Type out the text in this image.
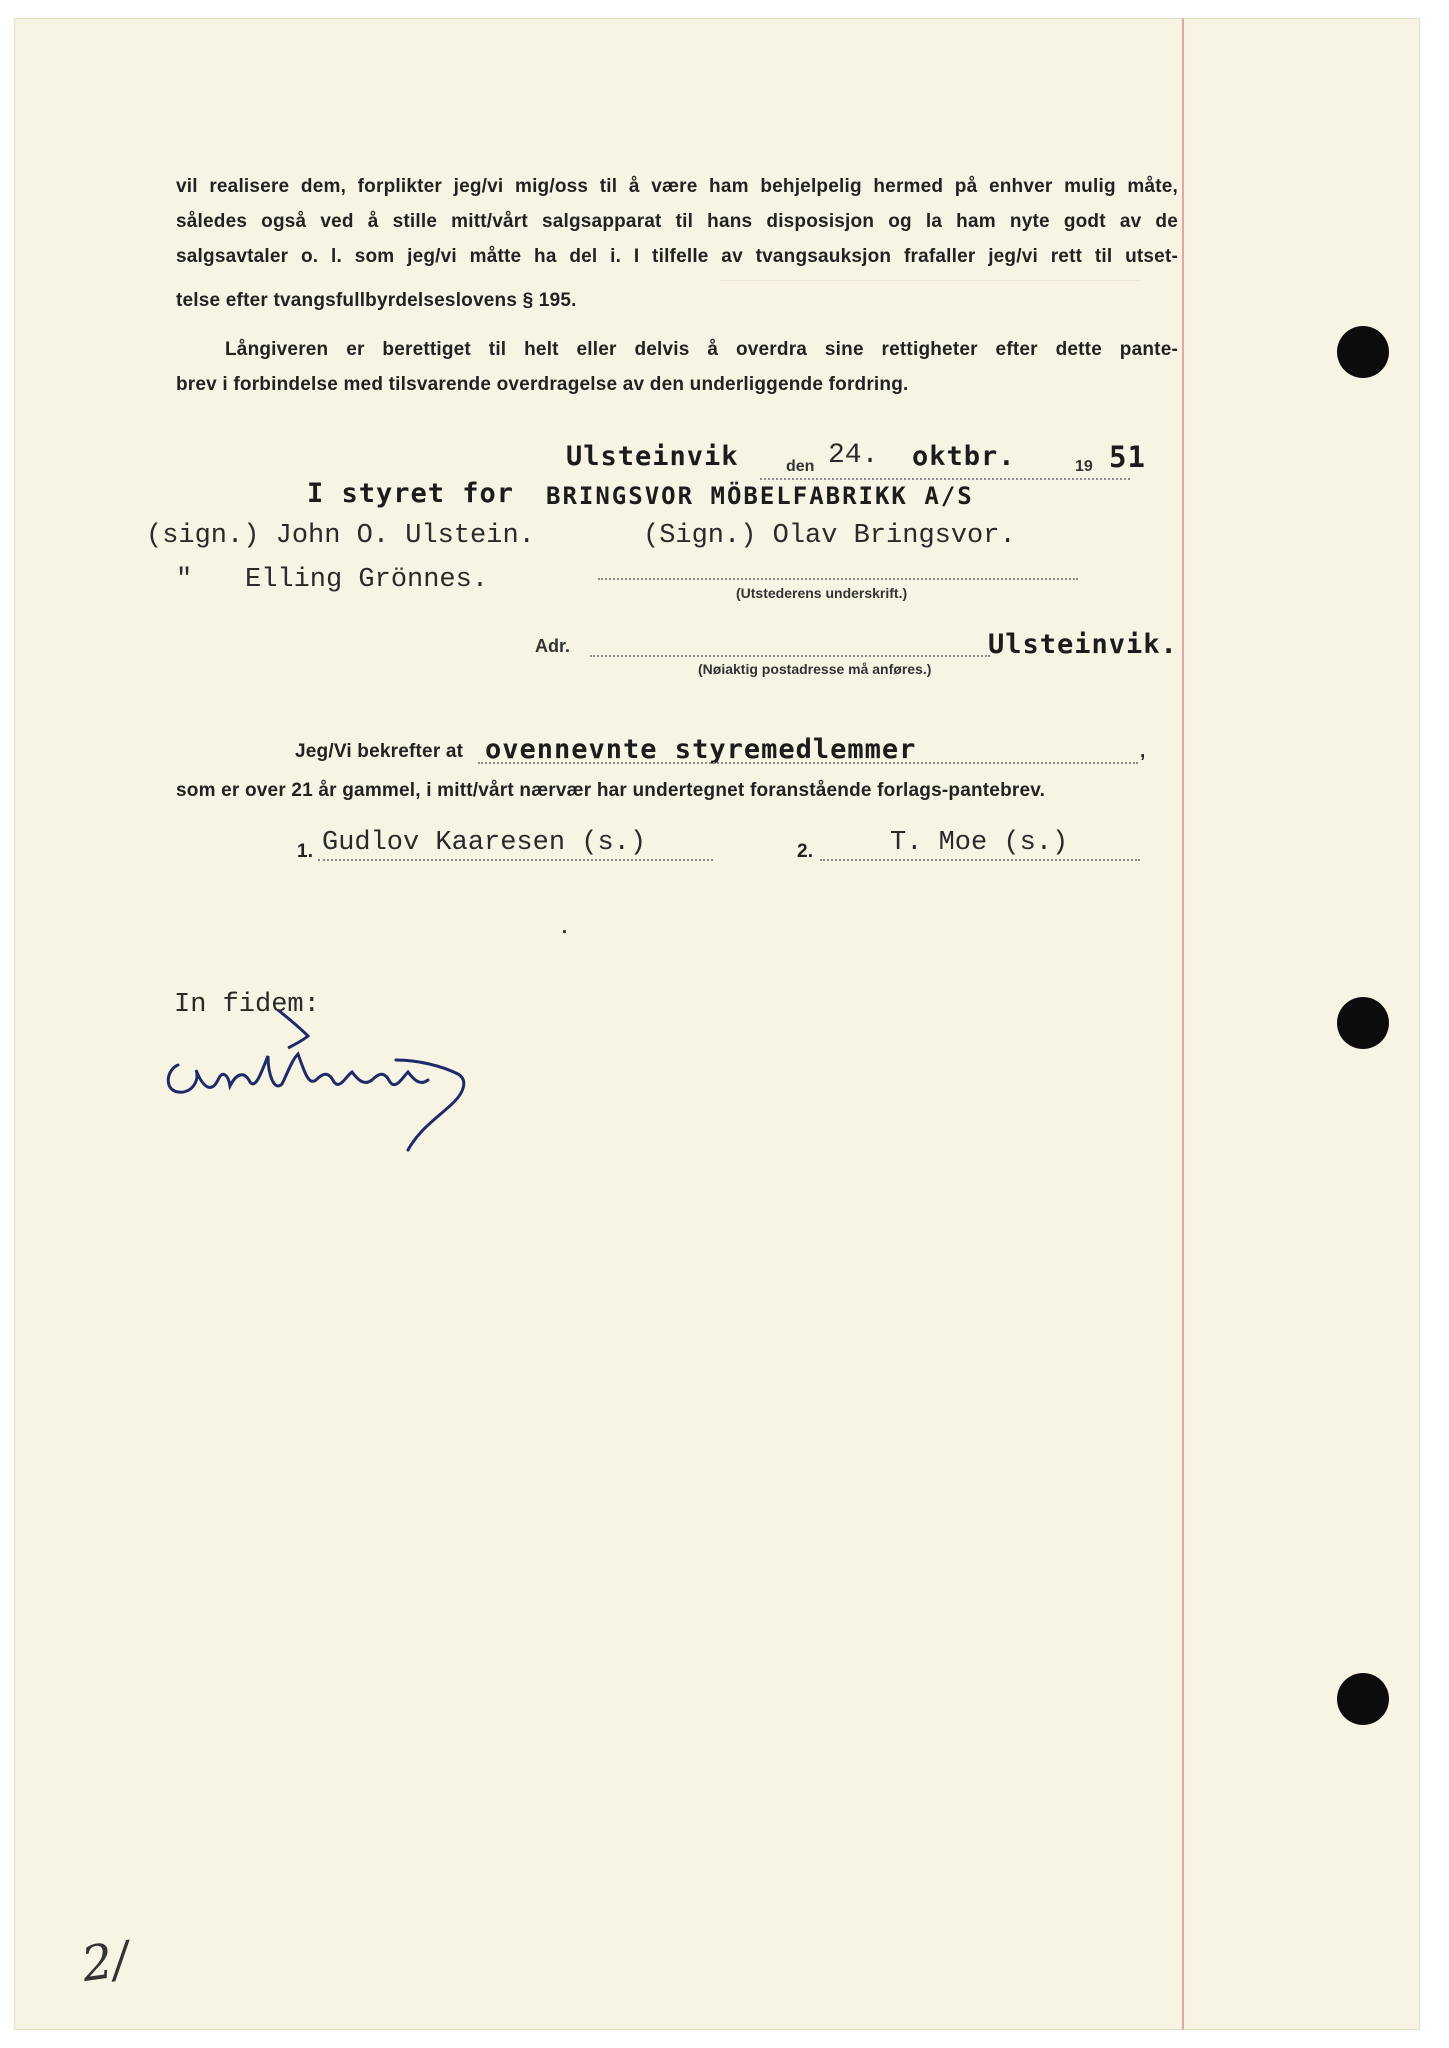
vil realisere dem, forplikter jeg/vi mig/oss til å være ham behjelpelig hermed på enhver mulig måte,
således også ved å stille mitt/vårt salgsapparat til hans disposisjon og la ham nyte godt av de
salgsavtaler o. l. som jeg/vi måtte ha del i. I tilfelle av tvangsauksjon frafaller jeg/vi rett til utset-
telse efter tvangsfullbyrdelseslovens § 195.
Långiveren er berettiget til helt eller delvis å overdra sine rettigheter efter dette pante-
brev i forbindelse med tilsvarende overdragelse av den underliggende fordring.
Ulsteinvik	den 24. oktbr.	19 51
I styret for BRINGSVOR MÖBELFABRIKK A/S
(sign.) John O. Ulstein.	(Sign.) Olav Bringsvor.
" Elling Grönnes.	(Utstederens underskrift.)
Adr.	Ulsteinvik.
(Nøiaktig postadresse må anføres.)
Jeg/Vi bekrefter at ovennevnte styremedlemmer	,
som er over 21 år gammel, i mitt/vårt nærvær har undertegnet foranstående forlags-pantebrev.
1. Gudlov Kaaresen (s.)	2.	T. Moe (s.)
In fidem:
2/
